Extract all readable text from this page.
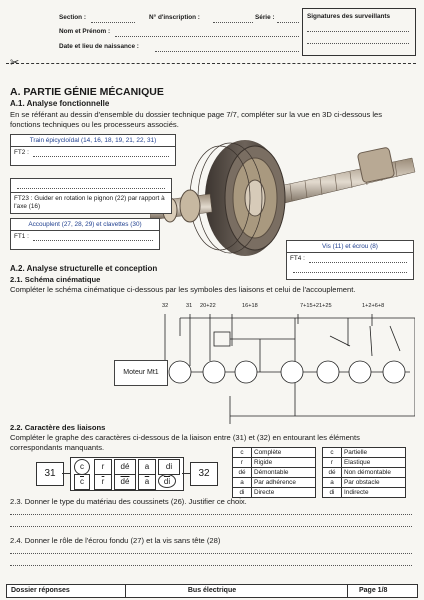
Section :	N° d'inscription :	Série :
Nom et Prénom :
Date et lieu de naissance :
Signatures des surveillants
✂
A. PARTIE GÉNIE MÉCANIQUE
A.1. Analyse fonctionnelle
En se référant au dessin d'ensemble du dossier technique page 7/7, compléter sur la vue en 3D ci-dessous les fonctions techniques ou les processeurs associés.
Train épicycloïdal (14, 16, 18, 19, 21, 22, 31)
FT2 :
FT23 : Guider en rotation le pignon (22) par rapport à l'axe (16)
Accouplent (27, 28, 29) et clavettes (30)
FT1 :
Vis (11) et écrou (8)
FT4 :
A.2. Analyse structurelle et conception
2.1. Schéma cinématique
Compléter le schéma cinématique ci-dessous par les symboles des liaisons et celui de l'accouplement.
32	31 20+22	16+18	7+15+21+25	1+2+6+8
Moteur Mt1
2.2. Caractère des liaisons
Compléter le graphe des caractères ci-dessous de la liaison entre (31) et (32) en entourant les éléments correspondants manquants.
31
c	r	dé	a	di
$\overline{c}$	$\overline{r}$	$\overline{dé}$	$\overline{a}$	$\overline{di}$
32
c	Complète
r	Rigide
dé	Démontable
a	Par adhérence
di	Directe
c	Partielle
r	Elastique
dé	Non démontable
a	Par obstacle
di	Indirecte
2.3. Donner le type du matériau des coussinets (26). Justifier ce choix.
2.4. Donner le rôle de l'écrou fondu (27) et la vis sans tête (28)
Dossier réponses	Bus électrique	Page 1/8
